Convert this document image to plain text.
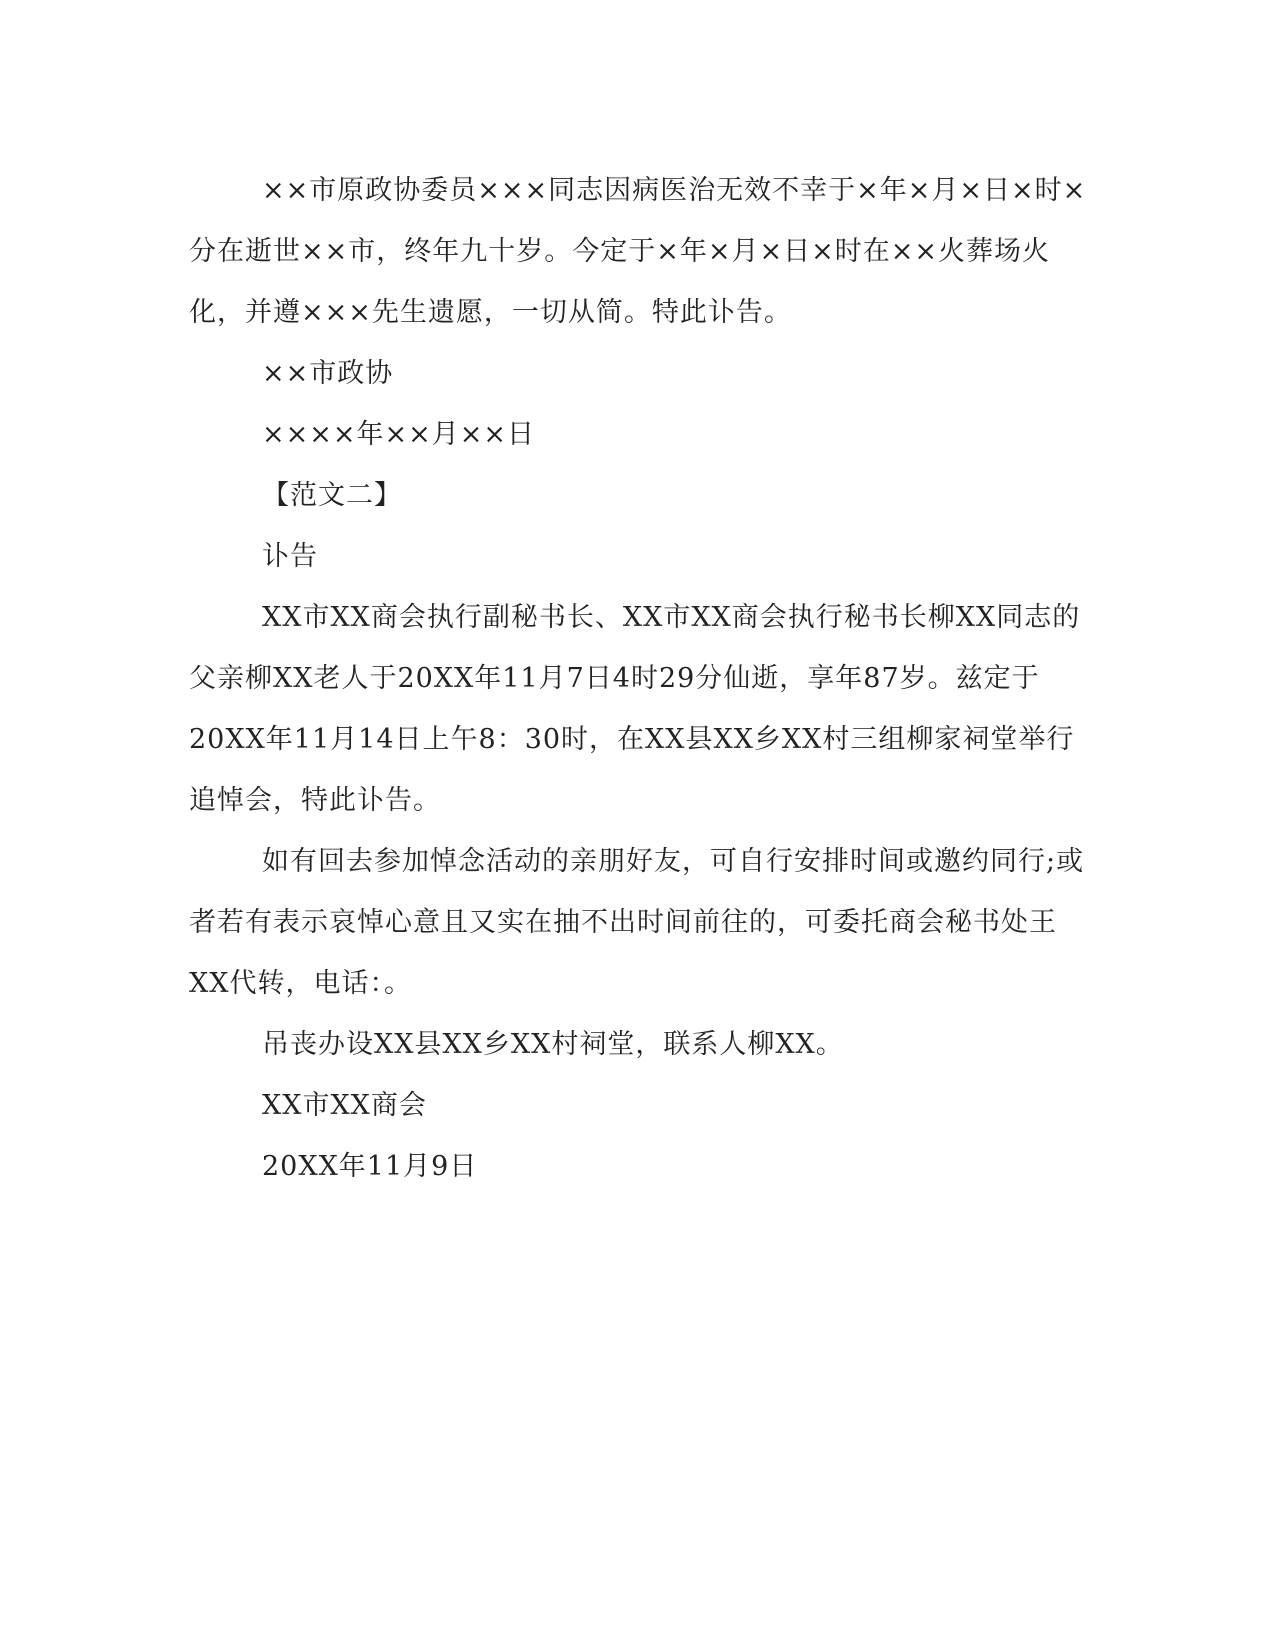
××市原政协委员×××同志因病医治无效不幸于×年×月×日×时×分在逝世××市，终年九十岁。今定于×年×月×日×时在××火葬场火化，并遵×××先生遗愿，一切从简。特此讣告。

××市政协

××××年××月××日

【范文二】

讣告

XX市XX商会执行副秘书长、XX市XX商会执行秘书长柳XX同志的父亲柳XX老人于20XX年11月7日4时29分仙逝，享年87岁。兹定于20XX年11月14日上午8：30时，在XX县XX乡XX村三组柳家祠堂举行追悼会，特此讣告。

如有回去参加悼念活动的亲朋好友，可自行安排时间或邀约同行;或者若有表示哀悼心意且又实在抽不出时间前往的，可委托商会秘书处王XX代转，电话：。

吊丧办设XX县XX乡XX村祠堂，联系人柳XX。

XX市XX商会

20XX年11月9日
